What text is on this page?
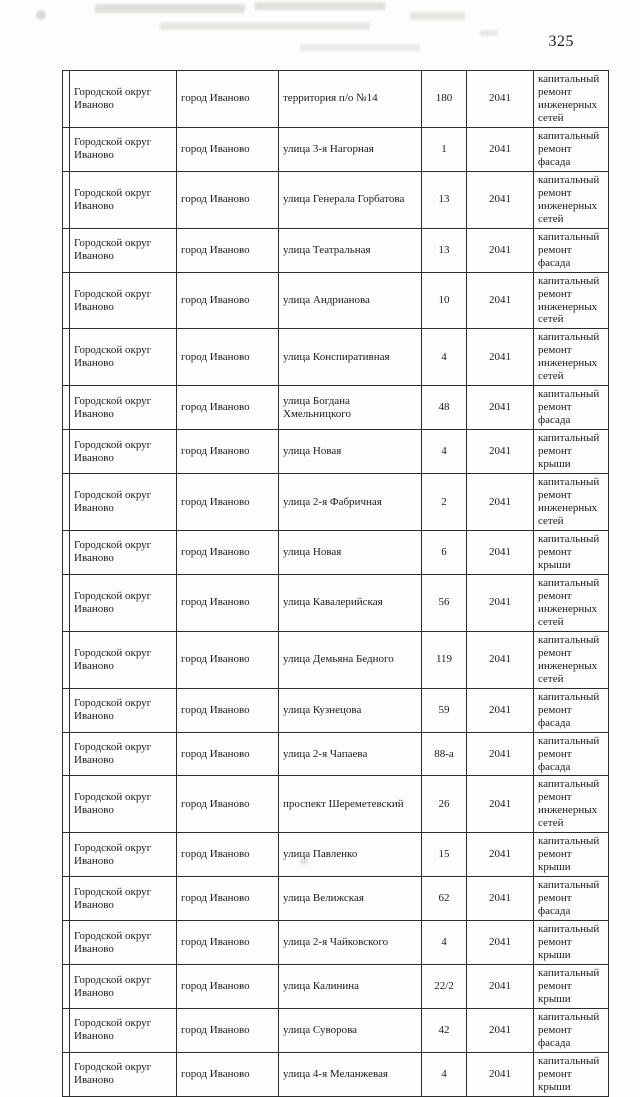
325
	Городской округ Иваново	город Иваново	территория п/о №14	180	2041	капитальный ремонт инженерных сетей
	Городской округ Иваново	город Иваново	улица 3-я Нагорная	1	2041	капитальный ремонт фасада
	Городской округ Иваново	город Иваново	улица Генерала Горбатова	13	2041	капитальный ремонт инженерных сетей
	Городской округ Иваново	город Иваново	улица Театральная	13	2041	капитальный ремонт фасада
	Городской округ Иваново	город Иваново	улица Андрианова	10	2041	капитальный ремонт инженерных сетей
	Городской округ Иваново	город Иваново	улица Конспиративная	4	2041	капитальный ремонт инженерных сетей
	Городской округ Иваново	город Иваново	улица Богдана Хмельницкого	48	2041	капитальный ремонт фасада
	Городской округ Иваново	город Иваново	улица Новая	4	2041	капитальный ремонт крыши
	Городской округ Иваново	город Иваново	улица 2-я Фабричная	2	2041	капитальный ремонт инженерных сетей
	Городской округ Иваново	город Иваново	улица Новая	6	2041	капитальный ремонт крыши
	Городской округ Иваново	город Иваново	улица Кавалерийская	56	2041	капитальный ремонт инженерных сетей
	Городской округ Иваново	город Иваново	улица Демьяна Бедного	119	2041	капитальный ремонт инженерных сетей
	Городской округ Иваново	город Иваново	улица Кузнецова	59	2041	капитальный ремонт фасада
	Городской округ Иваново	город Иваново	улица 2-я Чапаева	88-а	2041	капитальный ремонт фасада
	Городской округ Иваново	город Иваново	проспект Шереметевский	26	2041	капитальный ремонт инженерных сетей
	Городской округ Иваново	город Иваново	улица Павленко	15	2041	капитальный ремонт крыши
	Городской округ Иваново	город Иваново	улица Велижская	62	2041	капитальный ремонт фасада
	Городской округ Иваново	город Иваново	улица 2-я Чайковского	4	2041	капитальный ремонт крыши
	Городской округ Иваново	город Иваново	улица Калинина	22/2	2041	капитальный ремонт крыши
	Городской округ Иваново	город Иваново	улица Суворова	42	2041	капитальный ремонт фасада
	Городской округ Иваново	город Иваново	улица 4-я Меланжевая	4	2041	капитальный ремонт крыши
